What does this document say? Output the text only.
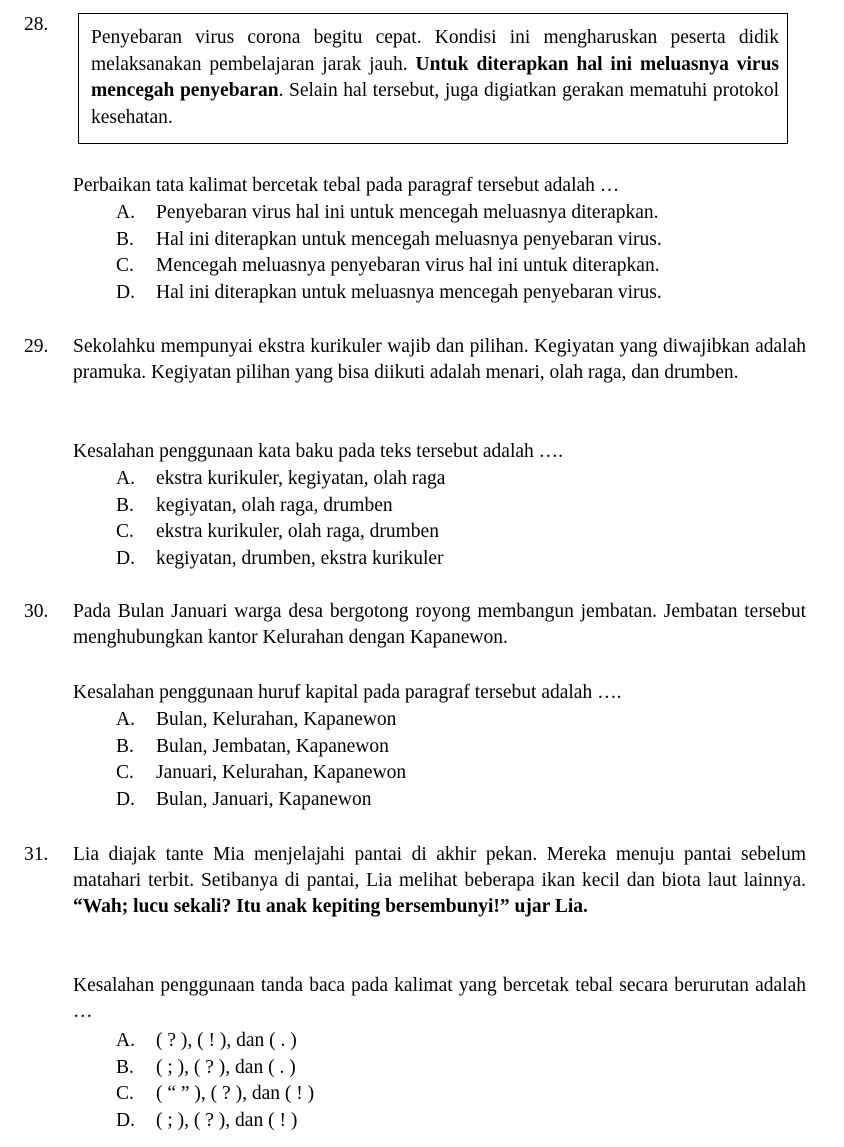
28.
Penyebaran virus corona begitu cepat. Kondisi ini mengharuskan peserta didik melaksanakan pembelajaran jarak jauh. Untuk diterapkan hal ini meluasnya virus mencegah penyebaran. Selain hal tersebut, juga digiatkan gerakan mematuhi protokol kesehatan.
Perbaikan tata kalimat bercetak tebal pada paragraf tersebut adalah …
A. Penyebaran virus hal ini untuk mencegah meluasnya diterapkan.
B. Hal ini diterapkan untuk mencegah meluasnya penyebaran virus.
C. Mencegah meluasnya penyebaran virus hal ini untuk diterapkan.
D. Hal ini diterapkan untuk meluasnya mencegah penyebaran virus.
29. Sekolahku mempunyai ekstra kurikuler wajib dan pilihan. Kegiyatan yang diwajibkan adalah pramuka. Kegiyatan pilihan yang bisa diikuti adalah menari, olah raga, dan drumben.
Kesalahan penggunaan kata baku pada teks tersebut adalah ….
A. ekstra kurikuler, kegiyatan, olah raga
B. kegiyatan, olah raga, drumben
C. ekstra kurikuler, olah raga, drumben
D. kegiyatan, drumben, ekstra kurikuler
30. Pada Bulan Januari warga desa bergotong royong membangun jembatan. Jembatan tersebut menghubungkan kantor Kelurahan dengan Kapanewon.
Kesalahan penggunaan huruf kapital pada paragraf tersebut adalah ….
A. Bulan, Kelurahan, Kapanewon
B. Bulan, Jembatan, Kapanewon
C. Januari, Kelurahan, Kapanewon
D. Bulan, Januari, Kapanewon
31. Lia diajak tante Mia menjelajahi pantai di akhir pekan. Mereka menuju pantai sebelum matahari terbit. Setibanya di pantai, Lia melihat beberapa ikan kecil dan biota laut lainnya. “Wah; lucu sekali? Itu anak kepiting bersembunyi!” ujar Lia.
Kesalahan penggunaan tanda baca pada kalimat yang bercetak tebal secara berurutan adalah …
A. ( ? ), ( ! ), dan ( . )
B. ( ; ), ( ? ), dan ( . )
C. ( “ ” ), ( ? ), dan ( ! )
D. ( ; ), ( ? ), dan ( ! )
